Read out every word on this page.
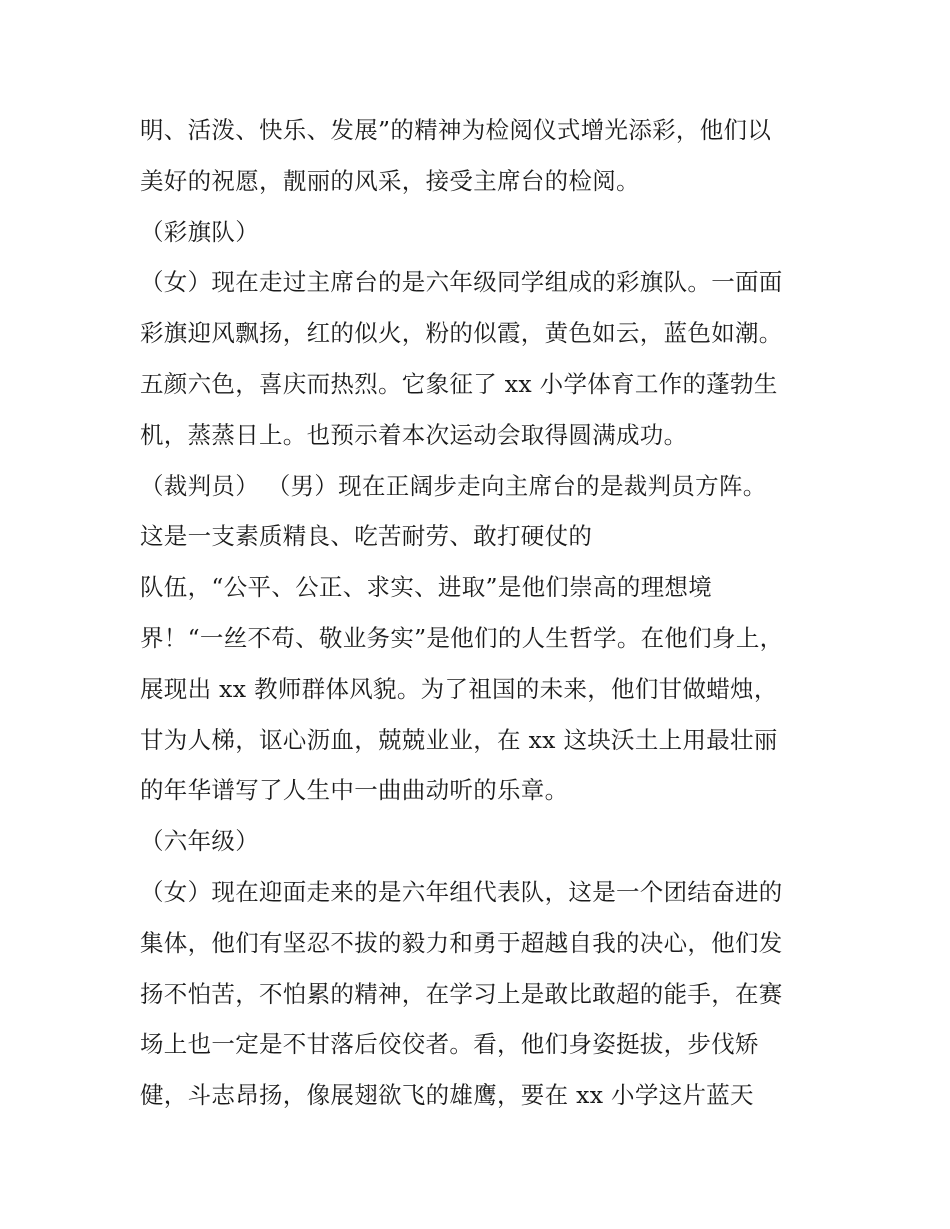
明、活泼、快乐、发展”的精神为检阅仪式增光添彩，他们以
美好的祝愿，靓丽的风采，接受主席台的检阅。
（彩旗队）
（女）现在走过主席台的是六年级同学组成的彩旗队。一面面
彩旗迎风飘扬，红的似火，粉的似霞，黄色如云，蓝色如潮。
五颜六色，喜庆而热烈。它象征了 xx 小学体育工作的蓬勃生
机，蒸蒸日上。也预示着本次运动会取得圆满成功。
（裁判员） （男）现在正阔步走向主席台的是裁判员方阵。
这是一支素质精良、吃苦耐劳、敢打硬仗的
队伍，“公平、公正、求实、进取”是他们崇高的理想境
界！“一丝不苟、敬业务实”是他们的人生哲学。在他们身上，
展现出 xx 教师群体风貌。为了祖国的未来，他们甘做蜡烛，
甘为人梯，讴心沥血，兢兢业业，在 xx 这块沃土上用最壮丽
的年华谱写了人生中一曲曲动听的乐章。
（六年级）
（女）现在迎面走来的是六年组代表队，这是一个团结奋进的
集体，他们有坚忍不拔的毅力和勇于超越自我的决心，他们发
扬不怕苦，不怕累的精神，在学习上是敢比敢超的能手，在赛
场上也一定是不甘落后佼佼者。看，他们身姿挺拔，步伐矫
健，斗志昂扬，像展翅欲飞的雄鹰，要在 xx 小学这片蓝天
